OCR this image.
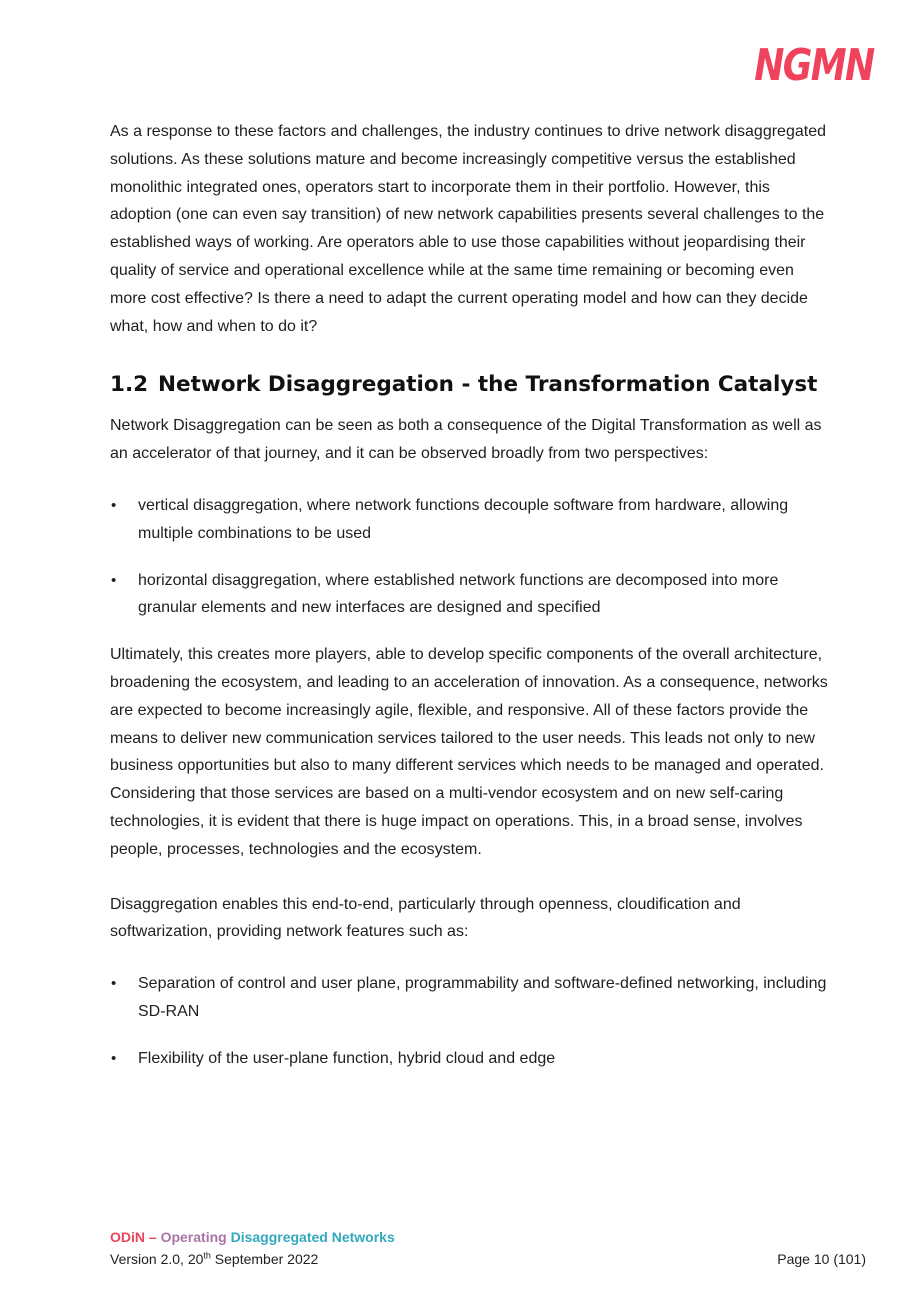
NGMN

As a response to these factors and challenges, the industry continues to drive network disaggregated solutions. As these solutions mature and become increasingly competitive versus the established monolithic integrated ones, operators start to incorporate them in their portfolio. However, this adoption (one can even say transition) of new network capabilities presents several challenges to the established ways of working. Are operators able to use those capabilities without jeopardising their quality of service and operational excellence while at the same time remaining or becoming even more cost effective? Is there a need to adapt the current operating model and how can they decide what, how and when to do it?

1.2 Network Disaggregation - the Transformation Catalyst

Network Disaggregation can be seen as both a consequence of the Digital Transformation as well as an accelerator of that journey, and it can be observed broadly from two perspectives:

• vertical disaggregation, where network functions decouple software from hardware, allowing multiple combinations to be used
• horizontal disaggregation, where established network functions are decomposed into more granular elements and new interfaces are designed and specified

Ultimately, this creates more players, able to develop specific components of the overall architecture, broadening the ecosystem, and leading to an acceleration of innovation. As a consequence, networks are expected to become increasingly agile, flexible, and responsive. All of these factors provide the means to deliver new communication services tailored to the user needs. This leads not only to new business opportunities but also to many different services which needs to be managed and operated. Considering that those services are based on a multi-vendor ecosystem and on new self-caring technologies, it is evident that there is huge impact on operations. This, in a broad sense, involves people, processes, technologies and the ecosystem.

Disaggregation enables this end-to-end, particularly through openness, cloudification and softwarization, providing network features such as:

• Separation of control and user plane, programmability and software-defined networking, including SD-RAN
• Flexibility of the user-plane function, hybrid cloud and edge
ODiN – Operating Disaggregated Networks
Version 2.0, 20th September 2022	Page 10 (101)
